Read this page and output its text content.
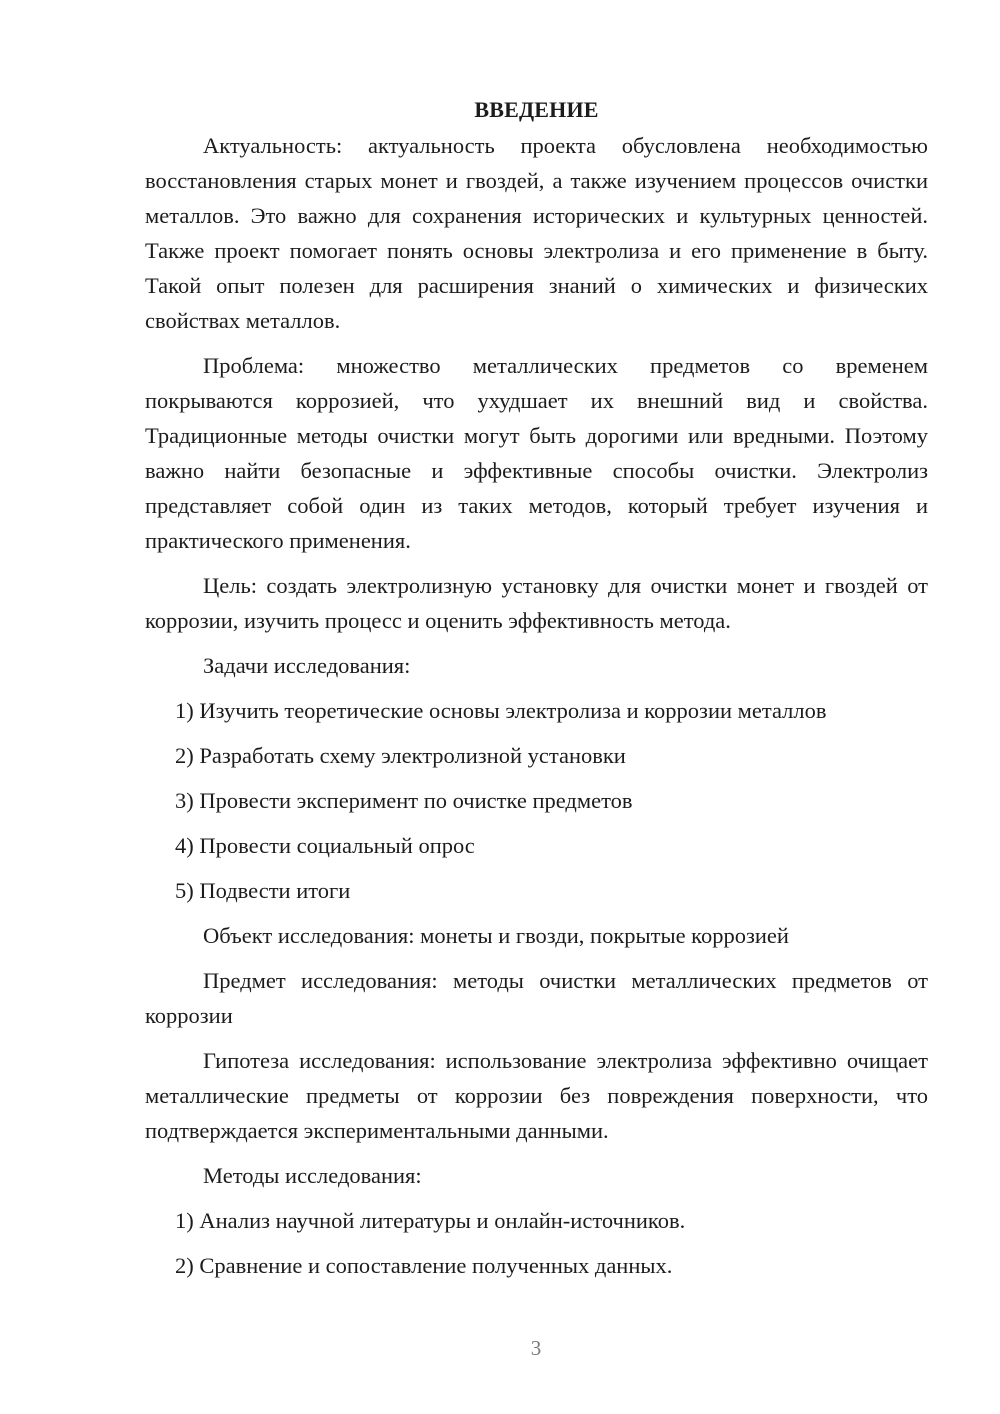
ВВЕДЕНИЕ

Актуальность: актуальность проекта обусловлена необходимостью восстановления старых монет и гвоздей, а также изучением процессов очистки металлов. Это важно для сохранения исторических и культурных ценностей. Также проект помогает понять основы электролиза и его применение в быту. Такой опыт полезен для расширения знаний о химических и физических свойствах металлов.

Проблема: множество металлических предметов со временем покрываются коррозией, что ухудшает их внешний вид и свойства. Традиционные методы очистки могут быть дорогими или вредными. Поэтому важно найти безопасные и эффективные способы очистки. Электролиз представляет собой один из таких методов, который требует изучения и практического применения.

Цель: создать электролизную установку для очистки монет и гвоздей от коррозии, изучить процесс и оценить эффективность метода.

Задачи исследования:

1) Изучить теоретические основы электролиза и коррозии металлов

2) Разработать схему электролизной установки

3) Провести эксперимент по очистке предметов

4) Провести социальный опрос

5) Подвести итоги

Объект исследования: монеты и гвозди, покрытые коррозией

Предмет исследования: методы очистки металлических предметов от коррозии

Гипотеза исследования: использование электролиза эффективно очищает металлические предметы от коррозии без повреждения поверхности, что подтверждается экспериментальными данными.

Методы исследования:

1) Анализ научной литературы и онлайн-источников.

2) Сравнение и сопоставление полученных данных.

3
